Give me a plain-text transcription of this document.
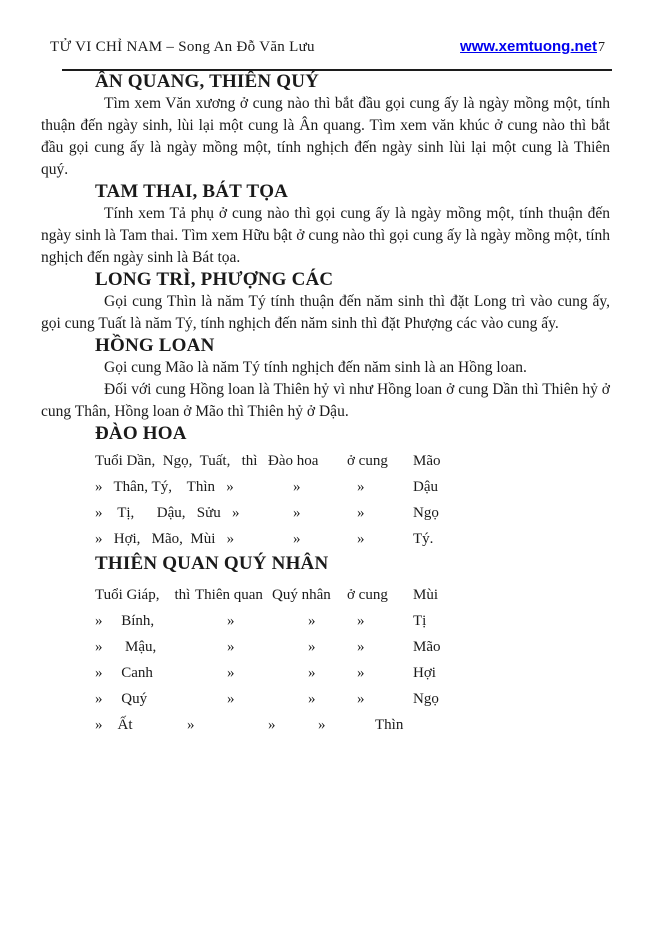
TỬ VI CHỈ NAM – Song An Đỗ Văn Lưu	www.xemtuong.net7
ÂN QUANG, THIÊN QUÝ

Tìm xem Văn xương ở cung nào thì bắt đầu gọi cung ấy là ngày mồng một, tính thuận đến ngày sinh, lùi lại một cung là Ân quang. Tìm xem văn khúc ở cung nào thì bắt đầu gọi cung ấy là ngày mồng một, tính nghịch đến ngày sinh lùi lại một cung là Thiên quý.

TAM THAI, BÁT TỌA

Tính xem Tả phụ ở cung nào thì gọi cung ấy là ngày mồng một, tính thuận đến ngày sinh là Tam thai. Tìm xem Hữu bật ở cung nào thì gọi cung ấy là ngày mồng một, tính nghịch đến ngày sinh là Bát tọa.

LONG TRÌ, PHƯỢNG CÁC

Gọi cung Thìn là năm Tý tính thuận đến năm sinh thì đặt Long trì vào cung ấy, gọi cung Tuất là năm Tý, tính nghịch đến năm sinh thì đặt Phượng các vào cung ấy.

HỒNG LOAN

Gọi cung Mão là năm Tý tính nghịch đến năm sinh là an Hồng loan.

Đối với cung Hồng loan là Thiên hỷ vì như Hồng loan ở cung Dần thì Thiên hỷ ở cung Thân, Hồng loan ở Mão thì Thiên hỷ ở Dậu.

ĐÀO HOA
Tuổi Dần,  Ngọ,  Tuất,   thì Đào hoa ở cung Mão
»   Thân, Tý,    Thìn   »	»	»	Dậu
»    Tị,      Dậu,   Sửu   »	»	»	Ngọ
»   Hợi,   Mão,  Mùi   »	»	»	Tý.
THIÊN QUAN QUÝ NHÂN
Tuổi Giáp,    thì Thiên quan Quý nhân ở cung Mùi
»     Bính,	»	»	»	Tị
»      Mậu,	»	»	»	Mão
»     Canh	»	»	»	Hợi
»     Quý	»	»	»	Ngọ
»    Ất	»	»	»	Thìn
